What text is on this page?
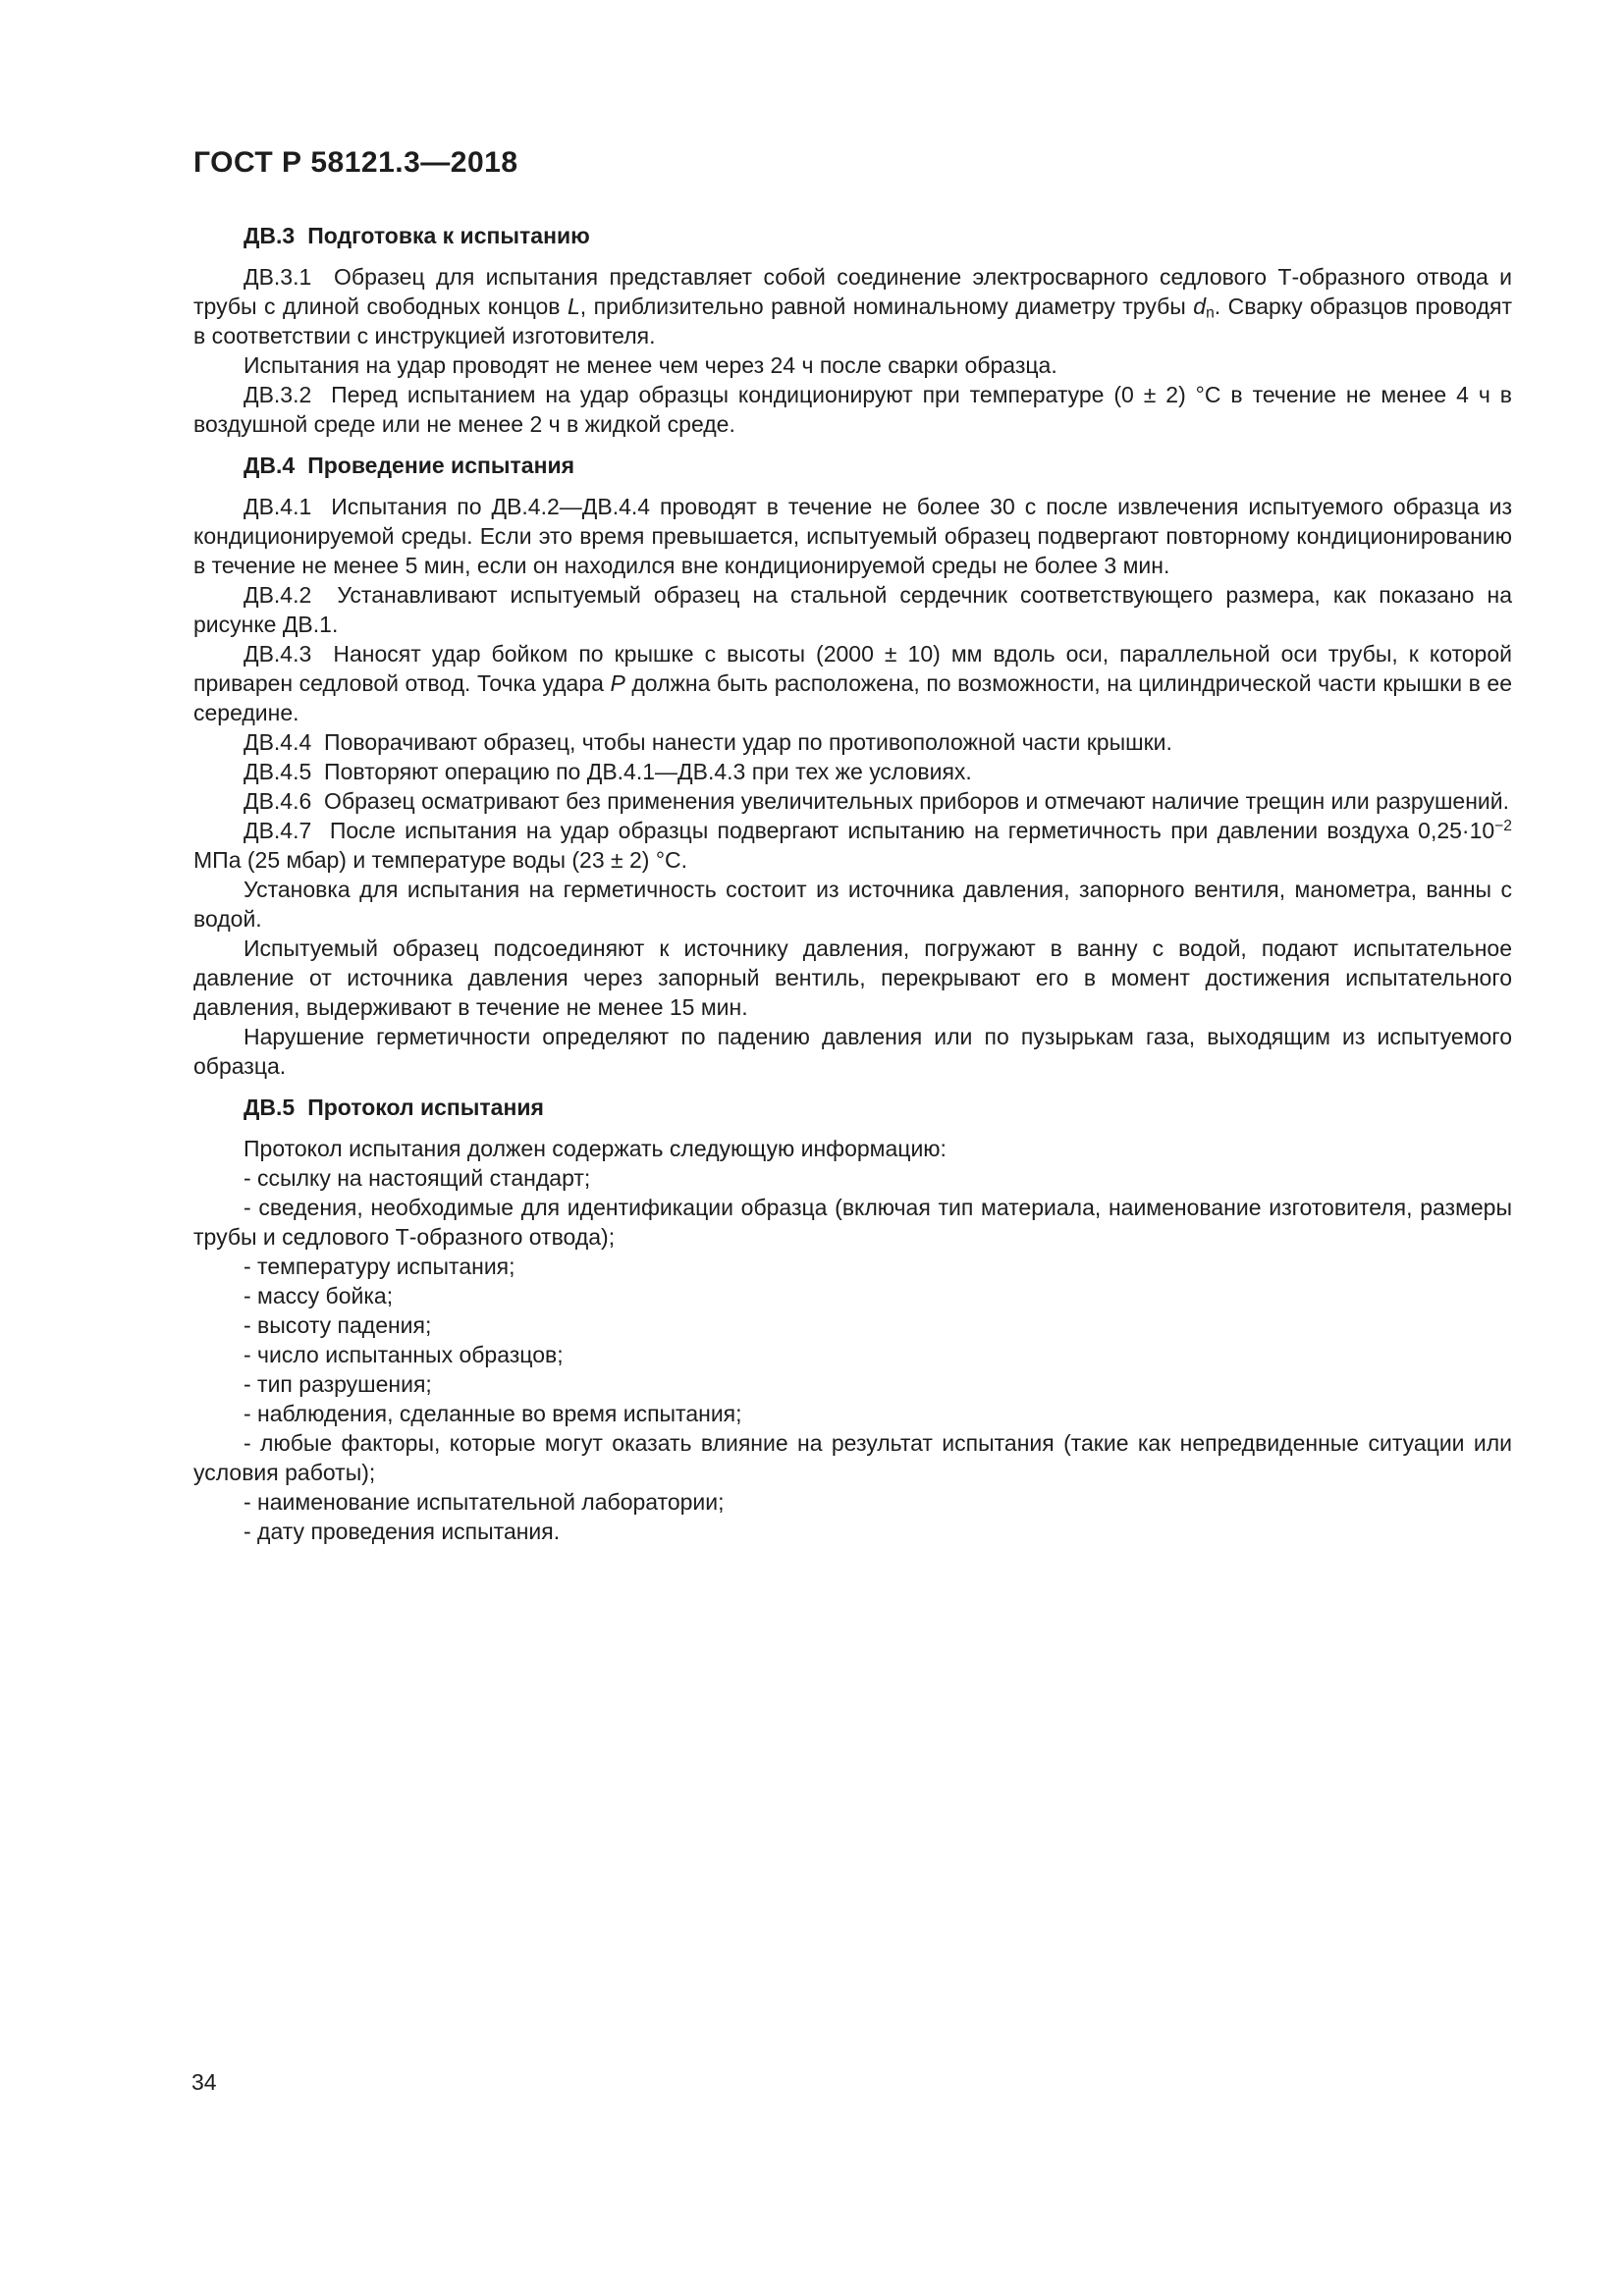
ГОСТ Р 58121.3—2018
ДВ.3 Подготовка к испытанию

ДВ.3.1  Образец для испытания представляет собой соединение электросварного седлового Т-образного отвода и трубы с длиной свободных концов L, приблизительно равной номинальному диаметру трубы $d_n$. Сварку образцов проводят в соответствии с инструкцией изготовителя.

Испытания на удар проводят не менее чем через 24 ч после сварки образца.

ДВ.3.2  Перед испытанием на удар образцы кондиционируют при температуре (0 ± 2) °С в течение не менее 4 ч в воздушной среде или не менее 2 ч в жидкой среде.

ДВ.4 Проведение испытания

ДВ.4.1  Испытания по ДВ.4.2—ДВ.4.4 проводят в течение не более 30 с после извлечения испытуемого образца из кондиционируемой среды. Если это время превышается, испытуемый образец подвергают повторному кондиционированию в течение не менее 5 мин, если он находился вне кондиционируемой среды не более 3 мин.

ДВ.4.2  Устанавливают испытуемый образец на стальной сердечник соответствующего размера, как показано на рисунке ДВ.1.

ДВ.4.3  Наносят удар бойком по крышке с высоты (2000 ± 10) мм вдоль оси, параллельной оси трубы, к которой приварен седловой отвод. Точка удара Р должна быть расположена, по возможности, на цилиндрической части крышки в ее середине.

ДВ.4.4  Поворачивают образец, чтобы нанести удар по противоположной части крышки.

ДВ.4.5  Повторяют операцию по ДВ.4.1—ДВ.4.3 при тех же условиях.

ДВ.4.6  Образец осматривают без применения увеличительных приборов и отмечают наличие трещин или разрушений.

ДВ.4.7  После испытания на удар образцы подвергают испытанию на герметичность при давлении воздуха $0,25\cdot 10^{-2}$ МПа (25 мбар) и температуре воды (23 ± 2) °С.

Установка для испытания на герметичность состоит из источника давления, запорного вентиля, манометра, ванны с водой.

Испытуемый образец подсоединяют к источнику давления, погружают в ванну с водой, подают испытательное давление от источника давления через запорный вентиль, перекрывают его в момент достижения испытательного давления, выдерживают в течение не менее 15 мин.

Нарушение герметичности определяют по падению давления или по пузырькам газа, выходящим из испытуемого образца.

ДВ.5 Протокол испытания

Протокол испытания должен содержать следующую информацию:

- ссылку на настоящий стандарт;

- сведения, необходимые для идентификации образца (включая тип материала, наименование изготовителя, размеры трубы и седлового Т-образного отвода);

- температуру испытания;

- массу бойка;

- высоту падения;

- число испытанных образцов;

- тип разрушения;

- наблюдения, сделанные во время испытания;

- любые факторы, которые могут оказать влияние на результат испытания (такие как непредвиденные ситуации или условия работы);

- наименование испытательной лаборатории;

- дату проведения испытания.

34
